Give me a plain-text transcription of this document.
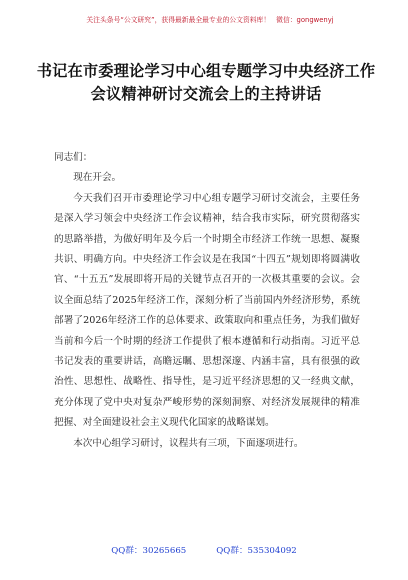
关注头条号“公文研究”，获得最新最全最专业的公文资料库！ 微信：gongwenyj
书记在市委理论学习中心组专题学习中央经济工作会议精神研讨交流会上的主持讲话

同志们：

现在开会。

今天我们召开市委理论学习中心组专题学习研讨交流会，主要任务是深入学习领会中央经济工作会议精神，结合我市实际，研究贯彻落实的思路举措，为做好明年及今后一个时期全市经济工作统一思想、凝聚共识、明确方向。中央经济工作会议是在我国“十四五”规划即将圆满收官、“十五五”发展即将开局的关键节点召开的一次极其重要的会议。会议全面总结了2025年经济工作，深刻分析了当前国内外经济形势，系统部署了2026年经济工作的总体要求、政策取向和重点任务，为我们做好当前和今后一个时期的经济工作提供了根本遵循和行动指南。习近平总书记发表的重要讲话，高瞻远瞩、思想深邃、内涵丰富，具有很强的政治性、思想性、战略性、指导性，是习近平经济思想的又一经典文献，充分体现了党中央对复杂严峻形势的深刻洞察、对经济发展规律的精准把握、对全面建设社会主义现代化国家的战略谋划。

本次中心组学习研讨，议程共有三项，下面逐项进行。

QQ群：30265665	QQ群：535304092
